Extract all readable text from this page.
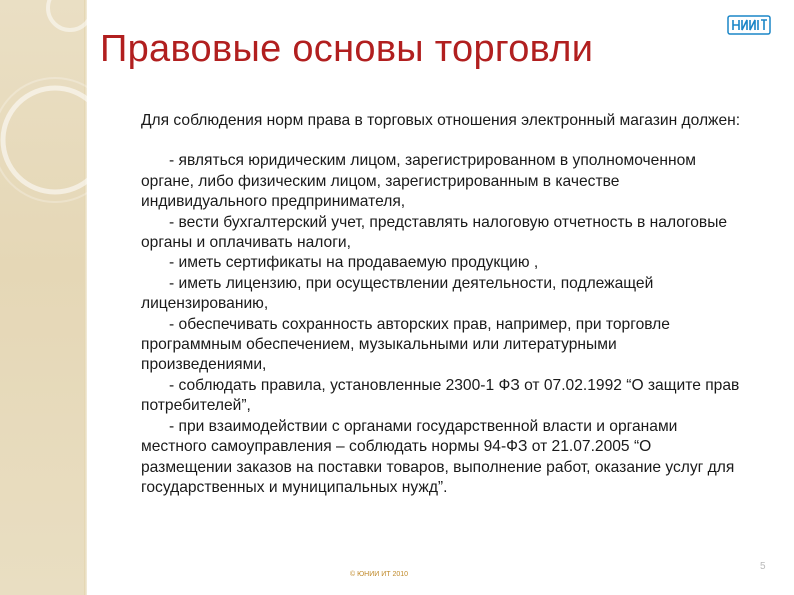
Правовые основы торговли

Для соблюдения норм права в торговых отношения электронный магазин должен:

- являться юридическим лицом, зарегистрированном в уполномоченном органе, либо физическим лицом, зарегистрированным в качестве индивидуального предпринимателя,

- вести бухгалтерский учет, представлять налоговую отчетность в налоговые органы и оплачивать налоги,

- иметь сертификаты на продаваемую продукцию ,

- иметь лицензию, при осуществлении деятельности, подлежащей лицензированию,

- обеспечивать сохранность авторских прав, например, при торговле программным обеспечением, музыкальными или литературными произведениями,

- соблюдать правила, установленные 2300-1 ФЗ от 07.02.1992 “О защите прав потребителей”,

- при взаимодействии с органами государственной власти и органами местного самоуправления – соблюдать нормы 94-ФЗ от 21.07.2005 “О размещении заказов на поставки товаров, выполнение работ, оказание услуг для государственных и муниципальных нужд”.

© ЮНИИ ИТ 2010
5
